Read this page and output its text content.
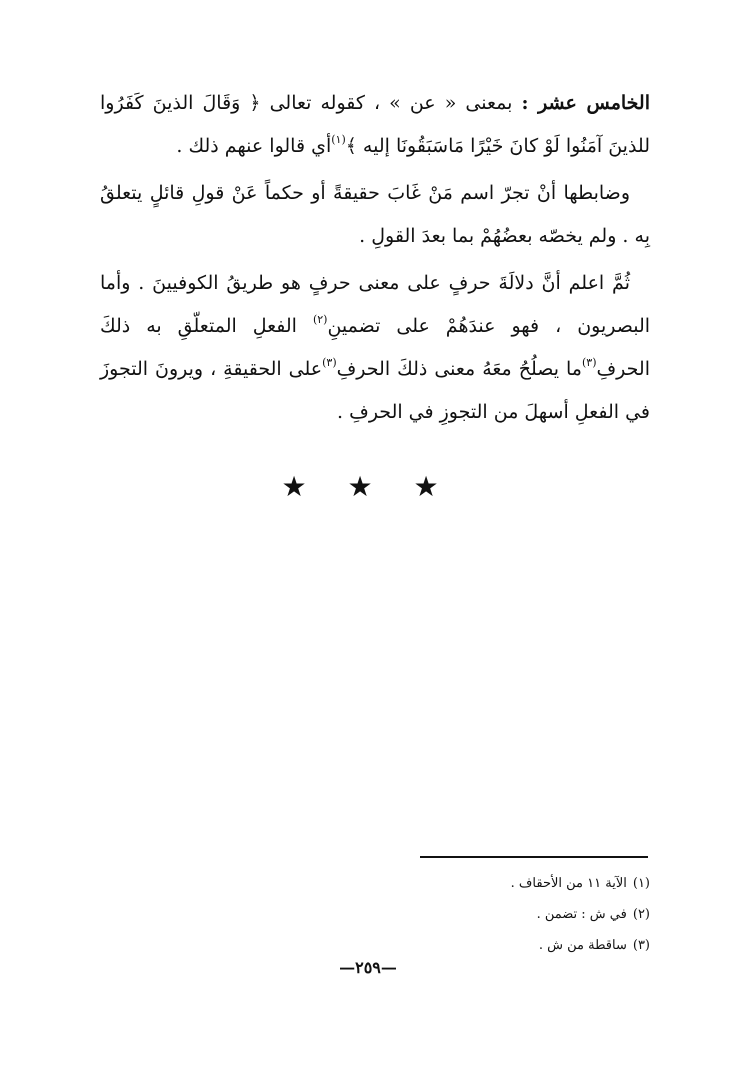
الخامس عشر : بمعنى « عن » ، كقوله تعالى ﴿ وَقَالَ الذينَ كَفَرُوا للذينَ آمَنُوا لَوْ كانَ خَيْرًا مَاسَبَقُونَا إليه ﴾$^{(١)}$أي قالوا عنهم ذلك .

وضابطها أنْ تجرّ اسم مَنْ غَابَ حقيقةً أو حكماً عَنْ قولِ قائلٍ يتعلقُ بِه . ولم يخصّه بعضُهُمْ بما بعدَ القولِ .

ثُمَّ اعلم أنَّ دلالَةَ حرفٍ على معنى حرفٍ هو طريقُ الكوفيينَ . وأما البصريون ، فهو عندَهُمْ على تضمينِ$^{(٢)}$ الفعلِ المتعلّقِ به ذلكَ الحرفِ$^{(٣)}$ما يصلُحُ معَهُ معنى ذلكَ الحرفِ$^{(٣)}$على الحقيقةِ ، ويرونَ التجوزَ في الفعلِ أسهلَ من التجوزِ في الحرفِ .

★ ★ ★
(١)الآية ١١ من الأحقاف .
(٢)في ش : تضمن .
(٣)ساقطة من ش .
—٢٥٩—
